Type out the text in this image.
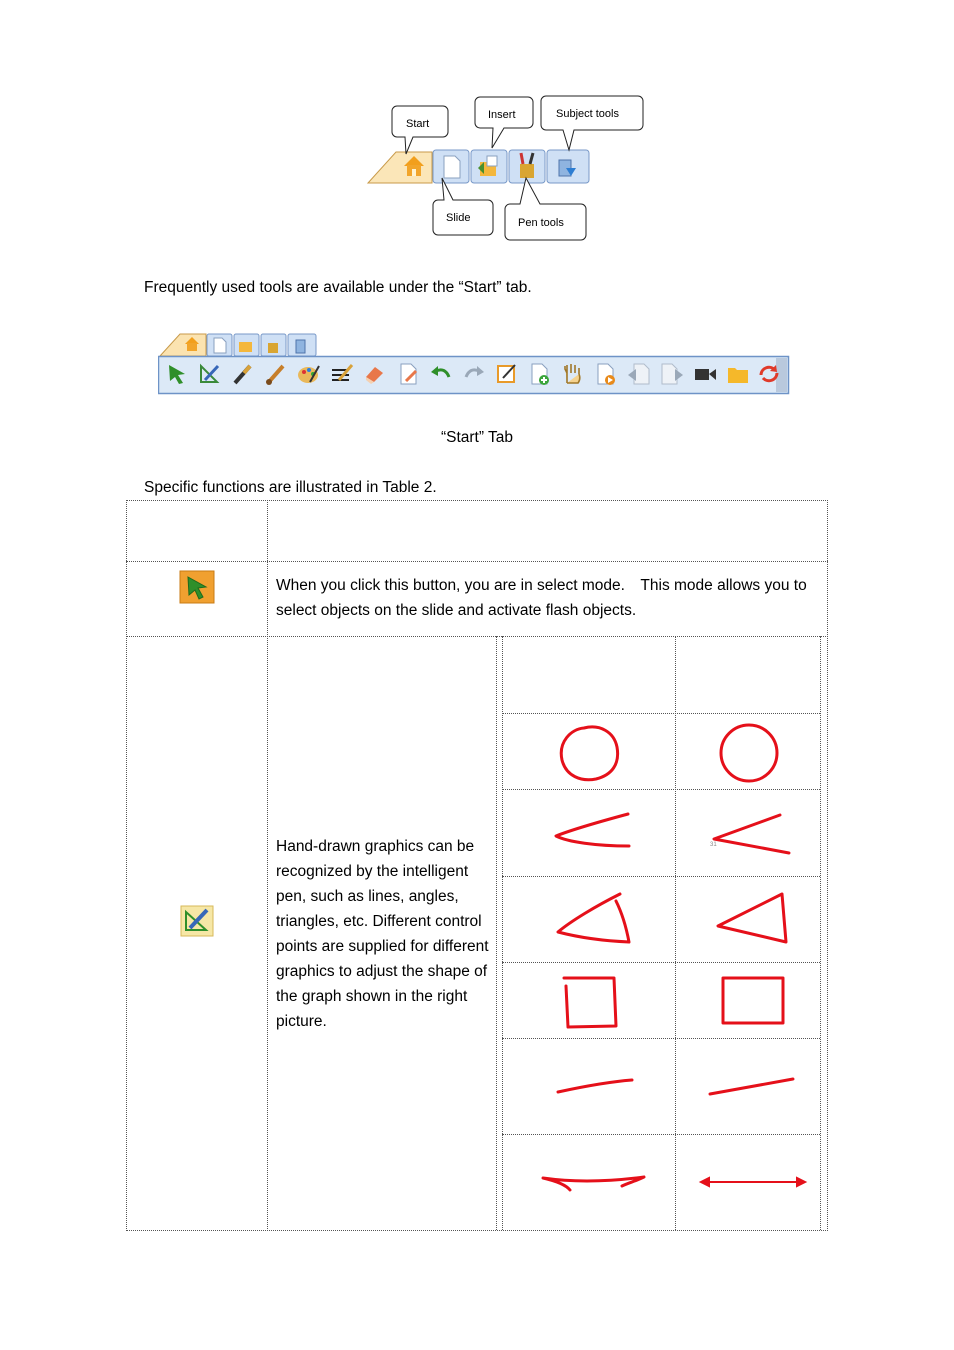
Start
Insert	Subject tools
Slide	Pen tools
Frequently used tools are available under the “Start” tab.
“Start” Tab
Specific functions are illustrated in Table 2.
When you click this button, you are in select mode.　This mode allows you to select objects on the slide and activate flash objects.
Hand-drawn graphics can be recognized by the intelligent pen, such as lines, angles, triangles, etc. Different control points are supplied for different graphics to adjust the shape of the graph shown in the right picture.
31
